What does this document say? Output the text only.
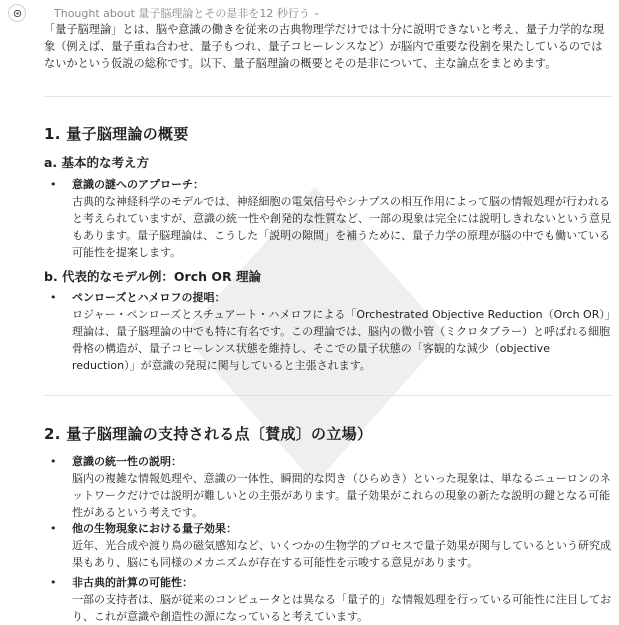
Thought about 量子脳理論とその是非を12 秒行う ⌄

「量子脳理論」とは、脳や意識の働きを従来の古典物理学だけでは十分に説明できないと考え、量子力学的な現象（例えば、量子重ね合わせ、量子もつれ、量子コヒーレンスなど）が脳内で重要な役割を果たしているのではないかという仮説の総称です。以下、量子脳理論の概要とその是非について、主な論点をまとめます。

1. 量子脳理論の概要
a. 基本的な考え方
• 意識の謎へのアプローチ：
古典的な神経科学のモデルでは、神経細胞の電気信号やシナプスの相互作用によって脳の情報処理が行われると考えられていますが、意識の統一性や創発的な性質など、一部の現象は完全には説明しきれないという意見もあります。量子脳理論は、こうした「説明の隙間」を補うために、量子力学の原理が脳の中でも働いている可能性を提案します。
b. 代表的なモデル例：Orch OR 理論
• ペンローズとハメロフの提唱：
ロジャー・ペンローズとスチュアート・ハメロフによる「Orchestrated Objective Reduction（Orch OR）」理論は、量子脳理論の中でも特に有名です。この理論では、脳内の微小管（ミクロタブラー）と呼ばれる細胞骨格の構造が、量子コヒーレンス状態を維持し、そこでの量子状態の「客観的な減少（objective reduction）」が意識の発現に関与していると主張されます。
2. 量子脳理論の支持される点〔賛成〕の立場）
• 意識の統一性の説明：
脳内の複雑な情報処理や、意識の一体性、瞬間的な閃き（ひらめき）といった現象は、単なるニューロンのネットワークだけでは説明が難しいとの主張があります。量子効果がこれらの現象の新たな説明の鍵となる可能性があるという考えです。
• 他の生物現象における量子効果：
近年、光合成や渡り鳥の磁気感知など、いくつかの生物学的プロセスで量子効果が関与しているという研究成果もあり、脳にも同様のメカニズムが存在する可能性を示唆する意見があります。
• 非古典的計算の可能性：
一部の支持者は、脳が従来のコンピュータとは異なる「量子的」な情報処理を行っている可能性に注目しており、これが意識や創造性の源になっていると考えています。
